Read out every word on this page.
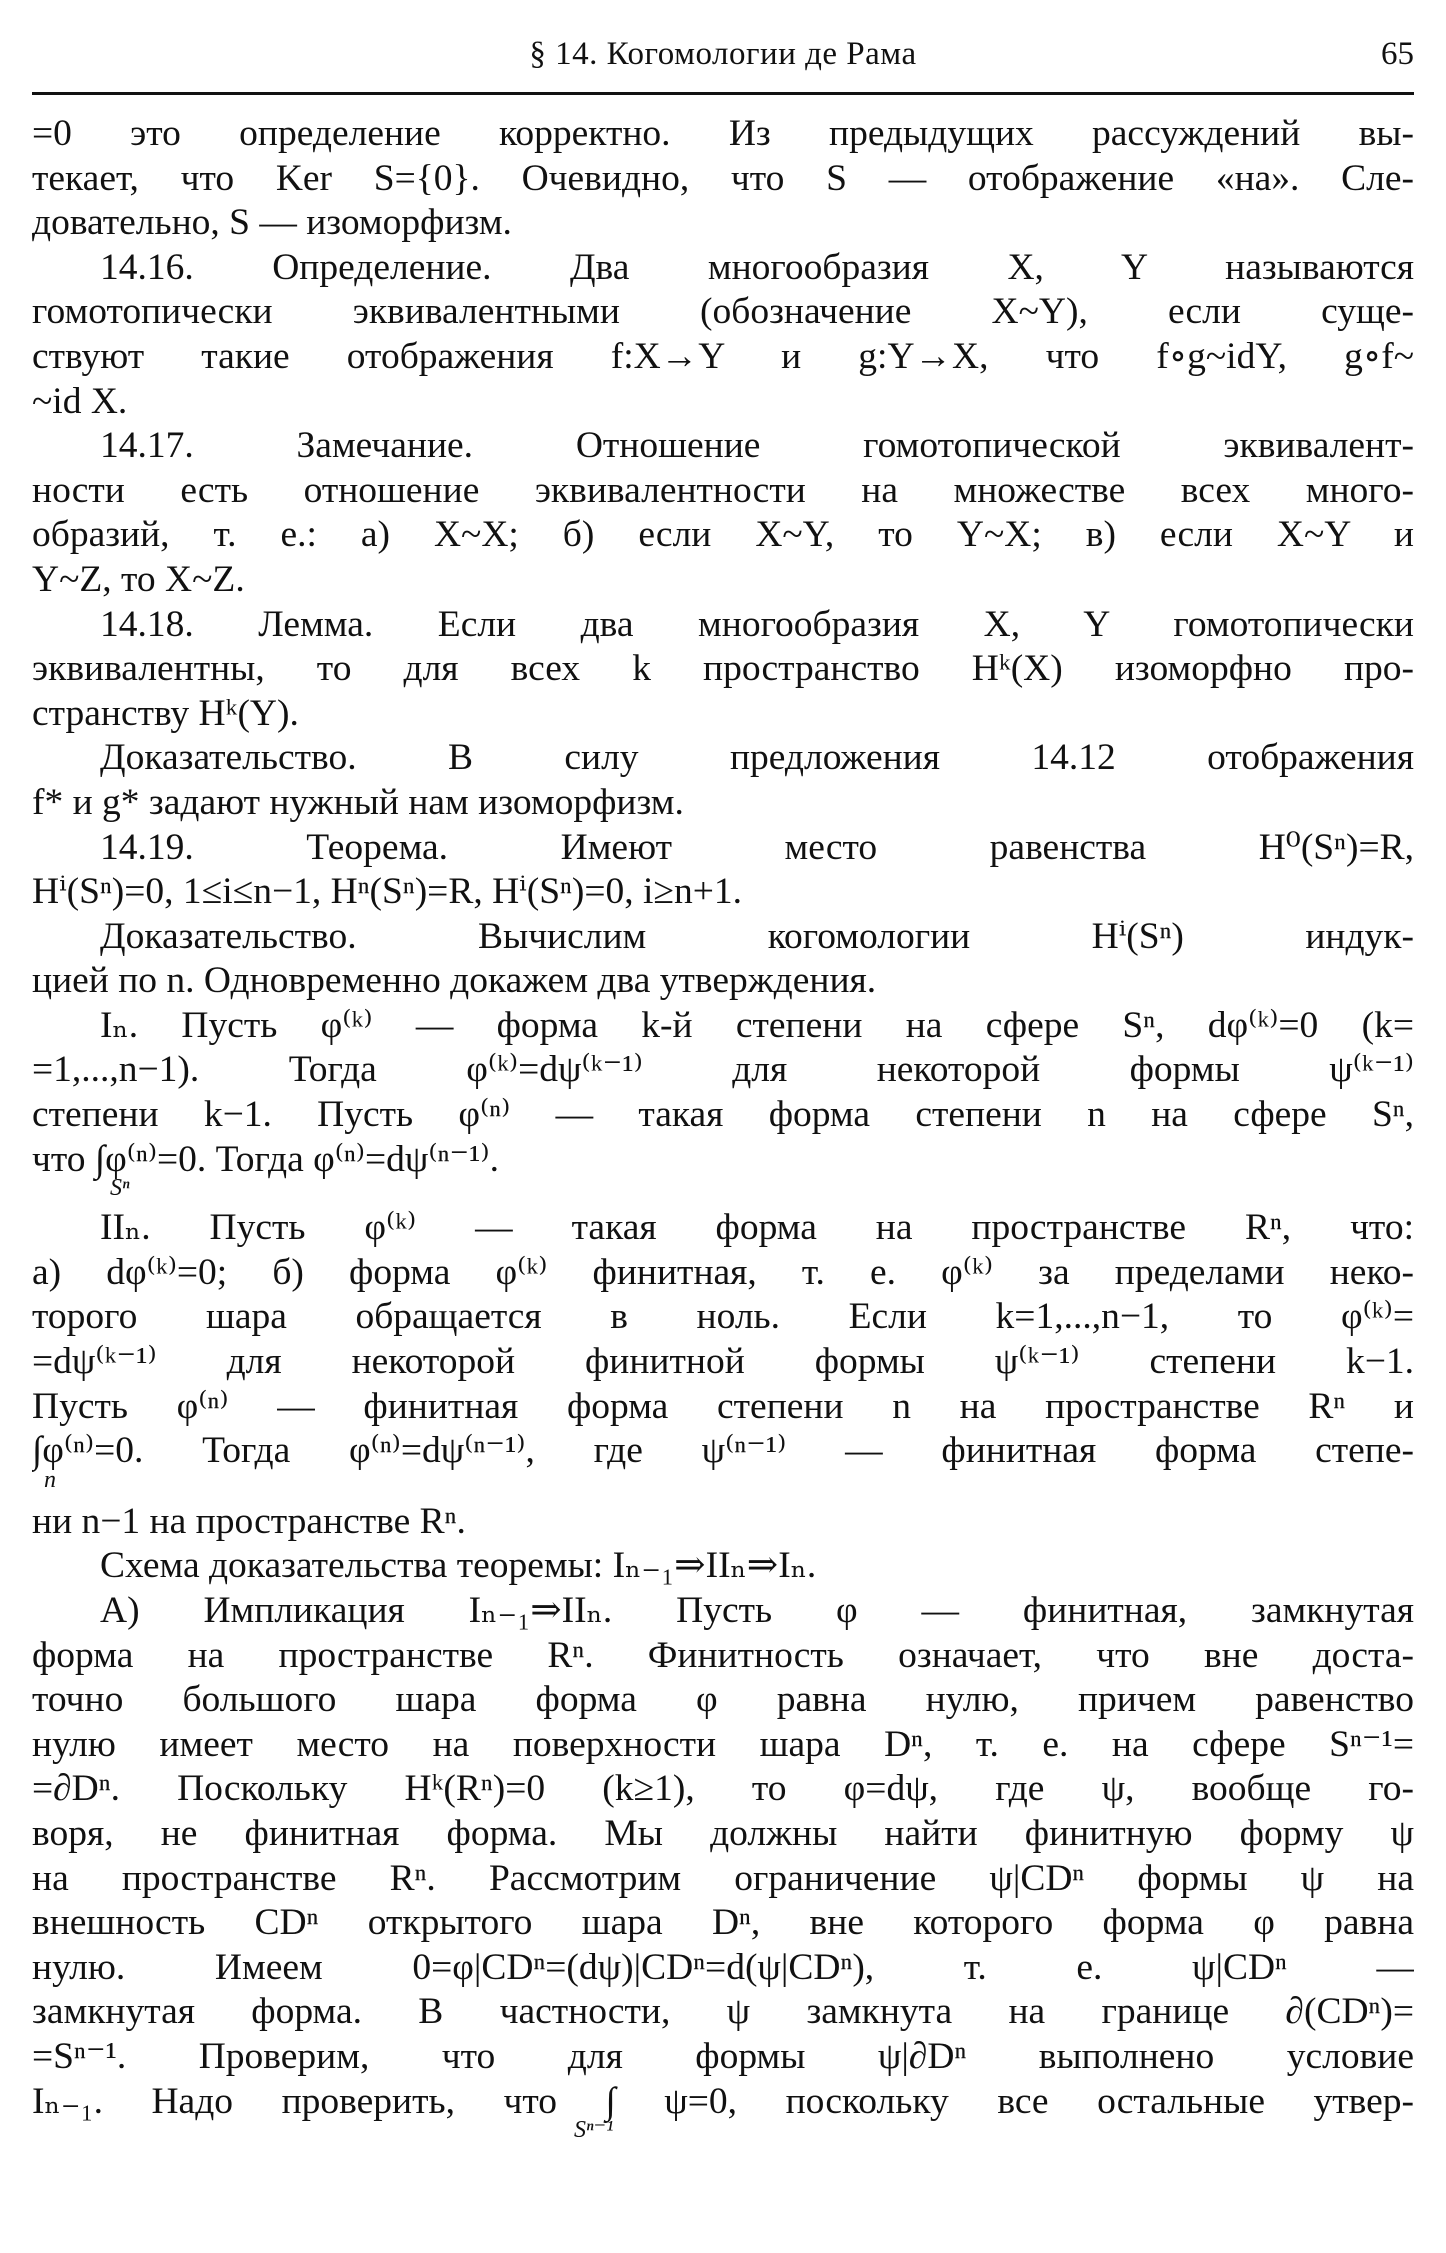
§ 14. Когомологии де Рама	65
=0 это определение корректно. Из предыдущих рассуждений вы-
текает, что Ker S={0}. Очевидно, что S — отображение «на». Сле-
довательно, S — изоморфизм.
14.16. Определение. Два многообразия X, Y называются
гомотопически эквивалентными (обозначение X~Y), если суще-
ствуют такие отображения f:X→Y и g:Y→X, что f∘g~idY, g∘f~
~id X.
14.17. Замечание. Отношение гомотопической эквивалент-
ности есть отношение эквивалентности на множестве всех много-
образий, т. е.: а) X~X; б) если X~Y, то Y~X; в) если X~Y и
Y~Z, то X~Z.
14.18. Лемма. Если два многообразия X, Y гомотопически
эквивалентны, то для всех k пространство Hᵏ(X) изоморфно про-
странству Hᵏ(Y).
Доказательство. В силу предложения 14.12 отображения
f* и g* задают нужный нам изоморфизм.
14.19. Теорема. Имеют место равенства H⁰(Sⁿ)=R,
Hⁱ(Sⁿ)=0, 1≤i≤n−1, Hⁿ(Sⁿ)=R, Hⁱ(Sⁿ)=0, i≥n+1.
Доказательство. Вычислим когомологии Hⁱ(Sⁿ) индук-
цией по n. Одновременно докажем два утверждения.
Iₙ. Пусть φ⁽ᵏ⁾ — форма k-й степени на сфере Sⁿ, dφ⁽ᵏ⁾=0 (k=
=1,...,n−1). Тогда φ⁽ᵏ⁾=dψ⁽ᵏ⁻¹⁾ для некоторой формы ψ⁽ᵏ⁻¹⁾
степени k−1. Пусть φ⁽ⁿ⁾ — такая форма степени n на сфере Sⁿ,
что ∫φ⁽ⁿ⁾=0. Тогда φ⁽ⁿ⁾=dψ⁽ⁿ⁻¹⁾.
Sⁿ
IIₙ. Пусть φ⁽ᵏ⁾ — такая форма на пространстве Rⁿ, что:
а) dφ⁽ᵏ⁾=0; б) форма φ⁽ᵏ⁾ финитная, т. е. φ⁽ᵏ⁾ за пределами неко-
торого шара обращается в ноль. Если k=1,...,n−1, то φ⁽ᵏ⁾=
=dψ⁽ᵏ⁻¹⁾ для некоторой финитной формы ψ⁽ᵏ⁻¹⁾ степени k−1.
Пусть φ⁽ⁿ⁾ — финитная форма степени n на пространстве Rⁿ и
∫φ⁽ⁿ⁾=0. Тогда φ⁽ⁿ⁾=dψ⁽ⁿ⁻¹⁾, где ψ⁽ⁿ⁻¹⁾ — финитная форма степе-
n
ни n−1 на пространстве Rⁿ.
Схема доказательства теоремы: Iₙ₋₁⇒IIₙ⇒Iₙ.
А) Импликация Iₙ₋₁⇒IIₙ. Пусть φ — финитная, замкнутая
форма на пространстве Rⁿ. Финитность означает, что вне доста-
точно большого шара форма φ равна нулю, причем равенство
нулю имеет место на поверхности шара Dⁿ, т. е. на сфере Sⁿ⁻¹=
=∂Dⁿ. Поскольку Hᵏ(Rⁿ)=0 (k≥1), то φ=dψ, где ψ, вообще го-
воря, не финитная форма. Мы должны найти финитную форму ψ
на пространстве Rⁿ. Рассмотрим ограничение ψ|CDⁿ формы ψ на
внешность CDⁿ открытого шара Dⁿ, вне которого форма φ равна
нулю. Имеем 0=φ|CDⁿ=(dψ)|CDⁿ=d(ψ|CDⁿ), т. е. ψ|CDⁿ —
замкнутая форма. В частности, ψ замкнута на границе ∂(CDⁿ)=
=Sⁿ⁻¹. Проверим, что для формы ψ|∂Dⁿ выполнено условие
Iₙ₋₁. Надо проверить, что ∫ ψ=0, поскольку все остальные утвер-
Sⁿ⁻¹
